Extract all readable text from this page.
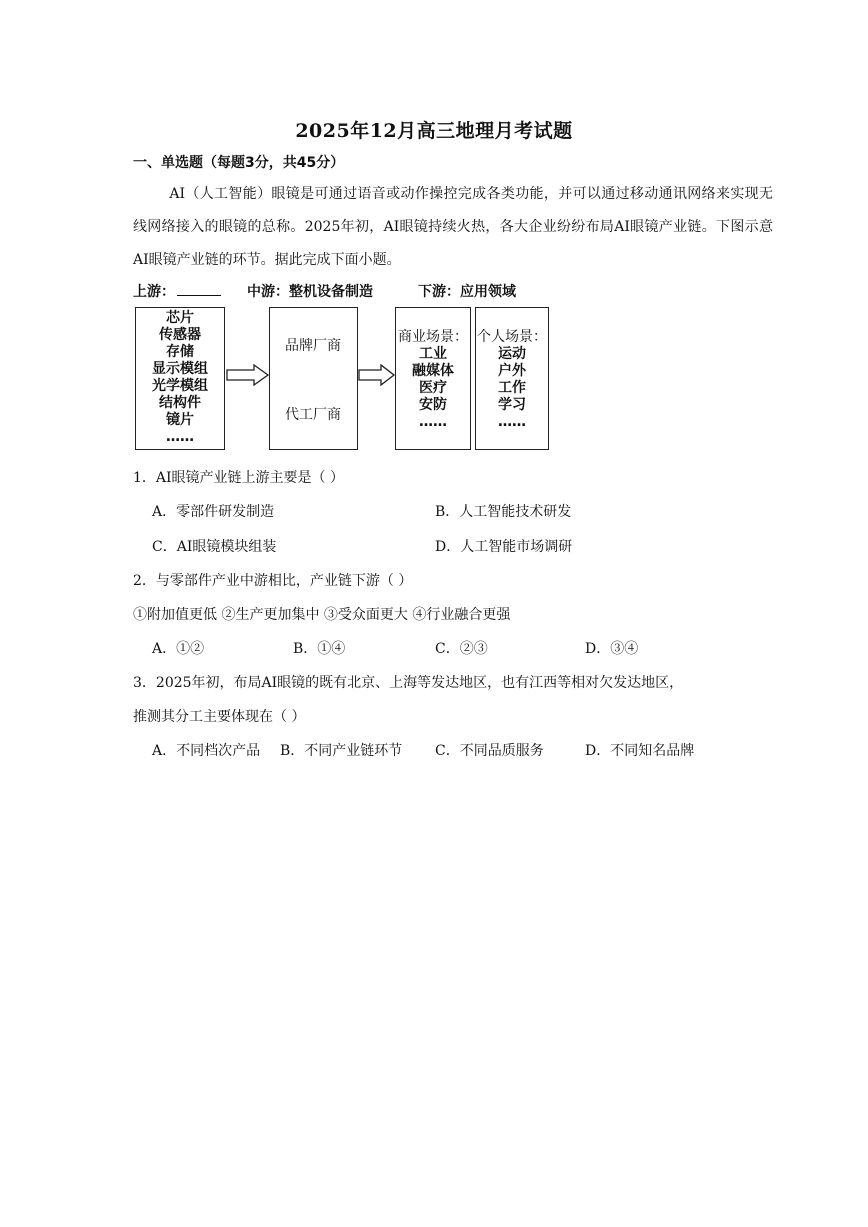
2025年12月高三地理月考试题
一、单选题（每题3分，共45分）
AI（人工智能）眼镜是可通过语音或动作操控完成各类功能，并可以通过移动通讯网络来实现无线网络接入的眼镜的总称。2025年初，AI眼镜持续火热，各大企业纷纷布局AI眼镜产业链。下图示意AI眼镜产业链的环节。据此完成下面小题。
上游：	中游：整机设备制造	下游：应用领域
芯片
传感器
存储
显示模组
光学模组
结构件
镜片
……
品牌厂商
代工厂商
商业场景：
工业
融媒体
医疗
安防
……
个人场景：
运动
户外
工作
学习
……
1．AI眼镜产业链上游主要是（ ）
A．零部件研发制造	B．人工智能技术研发
C．AI眼镜模块组装	D．人工智能市场调研
2．与零部件产业中游相比，产业链下游（ ）
①附加值更低 ②生产更加集中 ③受众面更大 ④行业融合更强
A．①②	B．①④	C．②③	D．③④
3．2025年初，布局AI眼镜的既有北京、上海等发达地区，也有江西等相对欠发达地区，
推测其分工主要体现在（ ）
A．不同档次产品 B．不同产业链环节 C．不同品质服务	D．不同知名品牌
